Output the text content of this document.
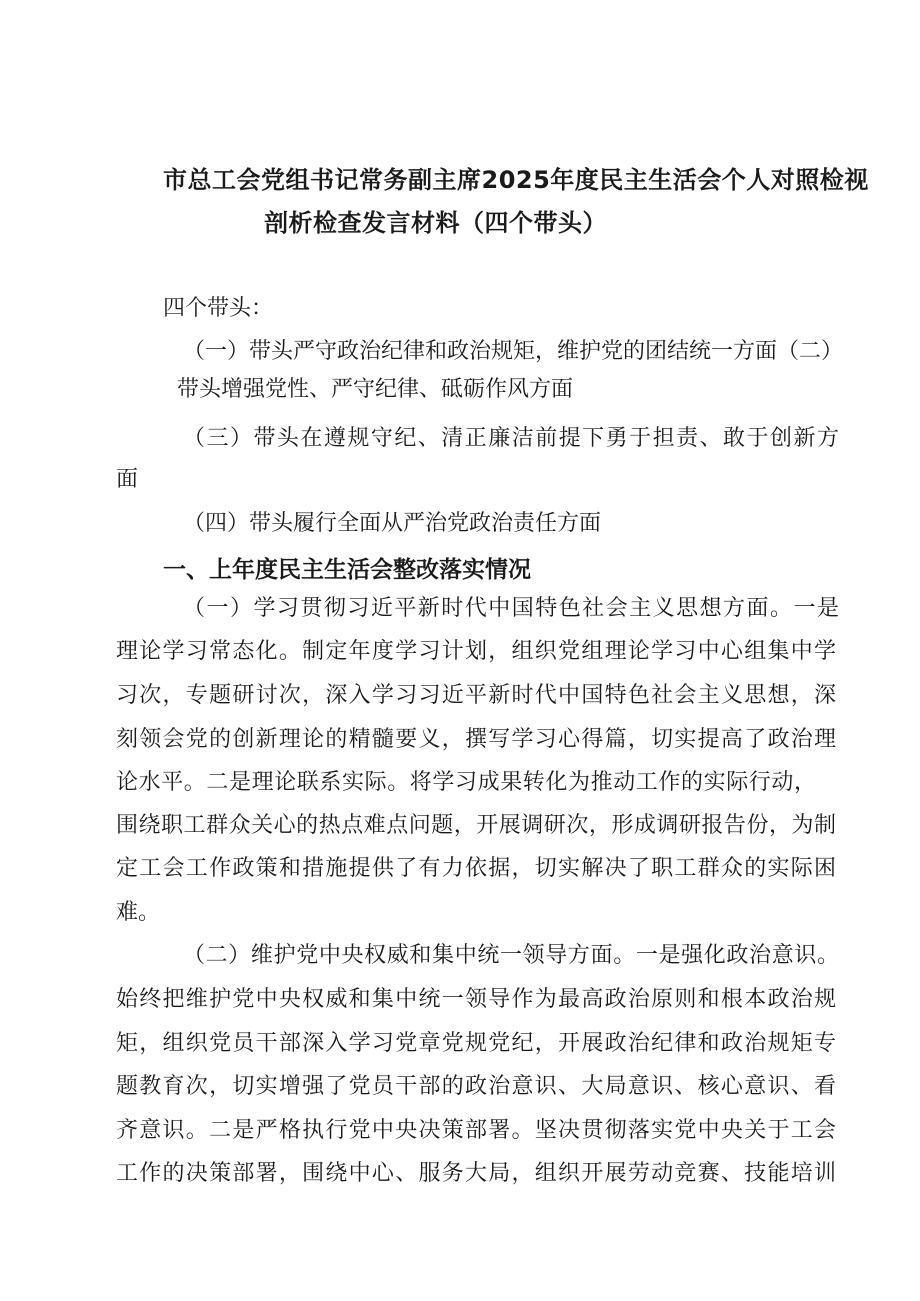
市总工会党组书记常务副主席2025年度民主生活会个人对照检视
剖析检查发言材料（四个带头）
四个带头：
（一）带头严守政治纪律和政治规矩，维护党的团结统一方面（二）
带头增强党性、严守纪律、砥砺作风方面
（三）带头在遵规守纪、清正廉洁前提下勇于担责、敢于创新方
面
（四）带头履行全面从严治党政治责任方面
一、上年度民主生活会整改落实情况
（一）学习贯彻习近平新时代中国特色社会主义思想方面。一是
理论学习常态化。制定年度学习计划，组织党组理论学习中心组集中学
习次，专题研讨次，深入学习习近平新时代中国特色社会主义思想，深
刻领会党的创新理论的精髓要义，撰写学习心得篇，切实提高了政治理
论水平。二是理论联系实际。将学习成果转化为推动工作的实际行动，
围绕职工群众关心的热点难点问题，开展调研次，形成调研报告份，为制
定工会工作政策和措施提供了有力依据，切实解决了职工群众的实际困
难。
（二）维护党中央权威和集中统一领导方面。一是强化政治意识。
始终把维护党中央权威和集中统一领导作为最高政治原则和根本政治规
矩，组织党员干部深入学习党章党规党纪，开展政治纪律和政治规矩专
题教育次，切实增强了党员干部的政治意识、大局意识、核心意识、看
齐意识。二是严格执行党中央决策部署。坚决贯彻落实党中央关于工会
工作的决策部署，围绕中心、服务大局，组织开展劳动竞赛、技能培训
